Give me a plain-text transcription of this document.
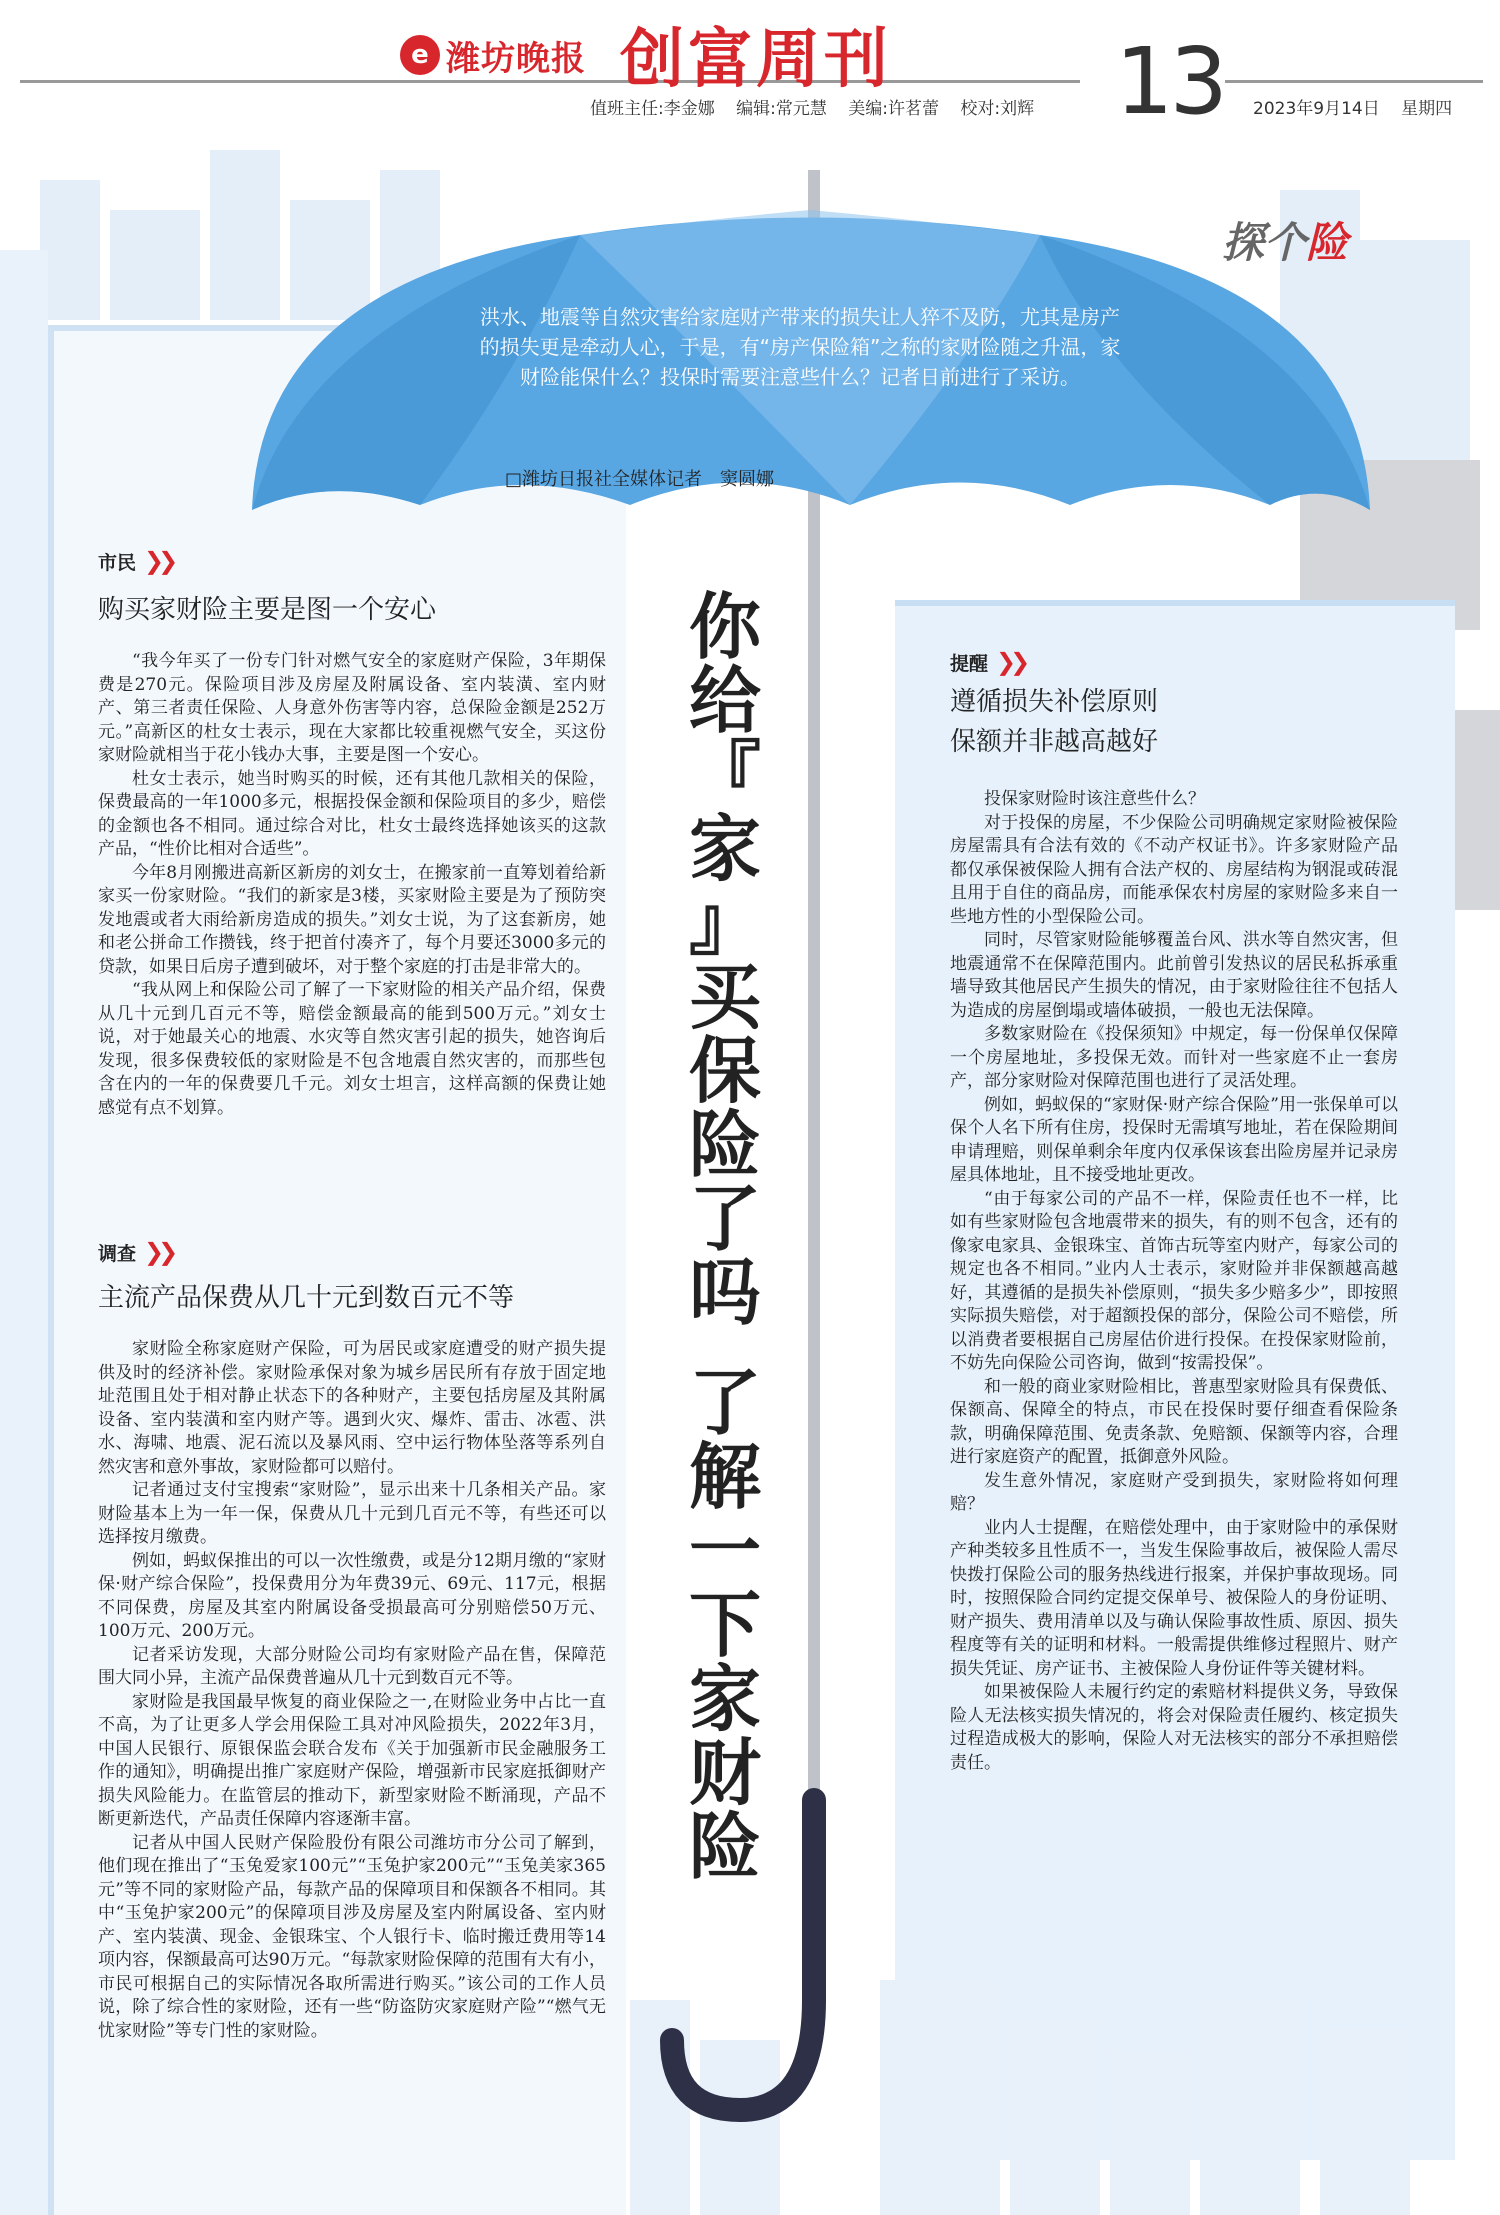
e 潍坊晚报 创富周刊 13
值班主任:李金娜 编辑:常元慧 美编:许茗蕾 校对:刘辉	2023年9月14日 星期四
探个险
洪水、地震等自然灾害给家庭财产带来的损失让人猝不及防，尤其是房产的损失更是牵动人心，于是，有“房产保险箱”之称的家财险随之升温，家财险能保什么？投保时需要注意些什么？记者日前进行了采访。
□潍坊日报社全媒体记者　窦圆娜
你
给
『
家
』
买
保
险
了
吗
了
解
一
下
家
财
险
市民 ❯❯
购买家财险主要是图一个安心

“我今年买了一份专门针对燃气安全的家庭财产保险，3年期保费是270元。保险项目涉及房屋及附属设备、室内装潢、室内财产、第三者责任保险、人身意外伤害等内容，总保险金额是252万元。”高新区的杜女士表示，现在大家都比较重视燃气安全，买这份家财险就相当于花小钱办大事，主要是图一个安心。

杜女士表示，她当时购买的时候，还有其他几款相关的保险，保费最高的一年1000多元，根据投保金额和保险项目的多少，赔偿的金额也各不相同。通过综合对比，杜女士最终选择她该买的这款产品，“性价比相对合适些”。

今年8月刚搬进高新区新房的刘女士，在搬家前一直筹划着给新家买一份家财险。“我们的新家是3楼，买家财险主要是为了预防突发地震或者大雨给新房造成的损失。”刘女士说，为了这套新房，她和老公拼命工作攒钱，终于把首付凑齐了，每个月要还3000多元的贷款，如果日后房子遭到破坏，对于整个家庭的打击是非常大的。

“我从网上和保险公司了解了一下家财险的相关产品介绍，保费从几十元到几百元不等，赔偿金额最高的能到500万元。”刘女士说，对于她最关心的地震、水灾等自然灾害引起的损失，她咨询后发现，很多保费较低的家财险是不包含地震自然灾害的，而那些包含在内的一年的保费要几千元。刘女士坦言，这样高额的保费让她感觉有点不划算。

调查 ❯❯
主流产品保费从几十元到数百元不等

家财险全称家庭财产保险，可为居民或家庭遭受的财产损失提供及时的经济补偿。家财险承保对象为城乡居民所有存放于固定地址范围且处于相对静止状态下的各种财产，主要包括房屋及其附属设备、室内装潢和室内财产等。遇到火灾、爆炸、雷击、冰雹、洪水、海啸、地震、泥石流以及暴风雨、空中运行物体坠落等系列自然灾害和意外事故，家财险都可以赔付。

记者通过支付宝搜索“家财险”，显示出来十几条相关产品。家财险基本上为一年一保，保费从几十元到几百元不等，有些还可以选择按月缴费。

例如，蚂蚁保推出的可以一次性缴费，或是分12期月缴的“家财保·财产综合保险”，投保费用分为年费39元、69元、117元，根据不同保费，房屋及其室内附属设备受损最高可分别赔偿50万元、100万元、200万元。

记者采访发现，大部分财险公司均有家财险产品在售，保障范围大同小异，主流产品保费普遍从几十元到数百元不等。

家财险是我国最早恢复的商业保险之一,在财险业务中占比一直不高，为了让更多人学会用保险工具对冲风险损失，2022年3月，中国人民银行、原银保监会联合发布《关于加强新市民金融服务工作的通知》，明确提出推广家庭财产保险，增强新市民家庭抵御财产损失风险能力。在监管层的推动下，新型家财险不断涌现，产品不断更新迭代，产品责任保障内容逐渐丰富。

记者从中国人民财产保险股份有限公司潍坊市分公司了解到，他们现在推出了“玉兔爱家100元”“玉兔护家200元”“玉兔美家365元”等不同的家财险产品，每款产品的保障项目和保额各不相同。其中“玉兔护家200元”的保障项目涉及房屋及室内附属设备、室内财产、室内装潢、现金、金银珠宝、个人银行卡、临时搬迁费用等14项内容，保额最高可达90万元。“每款家财险保障的范围有大有小，市民可根据自己的实际情况各取所需进行购买。”该公司的工作人员说，除了综合性的家财险，还有一些“防盗防灾家庭财产险”“燃气无忧家财险”等专门性的家财险。

提醒 ❯❯
遵循损失补偿原则
保额并非越高越好

投保家财险时该注意些什么？

对于投保的房屋，不少保险公司明确规定家财险被保险房屋需具有合法有效的《不动产权证书》。许多家财险产品都仅承保被保险人拥有合法产权的、房屋结构为钢混或砖混且用于自住的商品房，而能承保农村房屋的家财险多来自一些地方性的小型保险公司。

同时，尽管家财险能够覆盖台风、洪水等自然灾害，但地震通常不在保障范围内。此前曾引发热议的居民私拆承重墙导致其他居民产生损失的情况，由于家财险往往不包括人为造成的房屋倒塌或墙体破损，一般也无法保障。

多数家财险在《投保须知》中规定，每一份保单仅保障一个房屋地址，多投保无效。而针对一些家庭不止一套房产，部分家财险对保障范围也进行了灵活处理。

例如，蚂蚁保的“家财保·财产综合保险”用一张保单可以保个人名下所有住房，投保时无需填写地址，若在保险期间申请理赔，则保单剩余年度内仅承保该套出险房屋并记录房屋具体地址，且不接受地址更改。

“由于每家公司的产品不一样，保险责任也不一样，比如有些家财险包含地震带来的损失，有的则不包含，还有的像家电家具、金银珠宝、首饰古玩等室内财产，每家公司的规定也各不相同。”业内人士表示，家财险并非保额越高越好，其遵循的是损失补偿原则，“损失多少赔多少”，即按照实际损失赔偿，对于超额投保的部分，保险公司不赔偿，所以消费者要根据自己房屋估价进行投保。在投保家财险前，不妨先向保险公司咨询，做到“按需投保”。

和一般的商业家财险相比，普惠型家财险具有保费低、保额高、保障全的特点，市民在投保时要仔细查看保险条款，明确保障范围、免责条款、免赔额、保额等内容，合理进行家庭资产的配置，抵御意外风险。

发生意外情况，家庭财产受到损失，家财险将如何理赔？

业内人士提醒，在赔偿处理中，由于家财险中的承保财产种类较多且性质不一，当发生保险事故后，被保险人需尽快拨打保险公司的服务热线进行报案，并保护事故现场。同时，按照保险合同约定提交保单号、被保险人的身份证明、财产损失、费用清单以及与确认保险事故性质、原因、损失程度等有关的证明和材料。一般需提供维修过程照片、财产损失凭证、房产证书、主被保险人身份证件等关键材料。

如果被保险人未履行约定的索赔材料提供义务，导致保险人无法核实损失情况的，将会对保险责任履约、核定损失过程造成极大的影响，保险人对无法核实的部分不承担赔偿责任。
